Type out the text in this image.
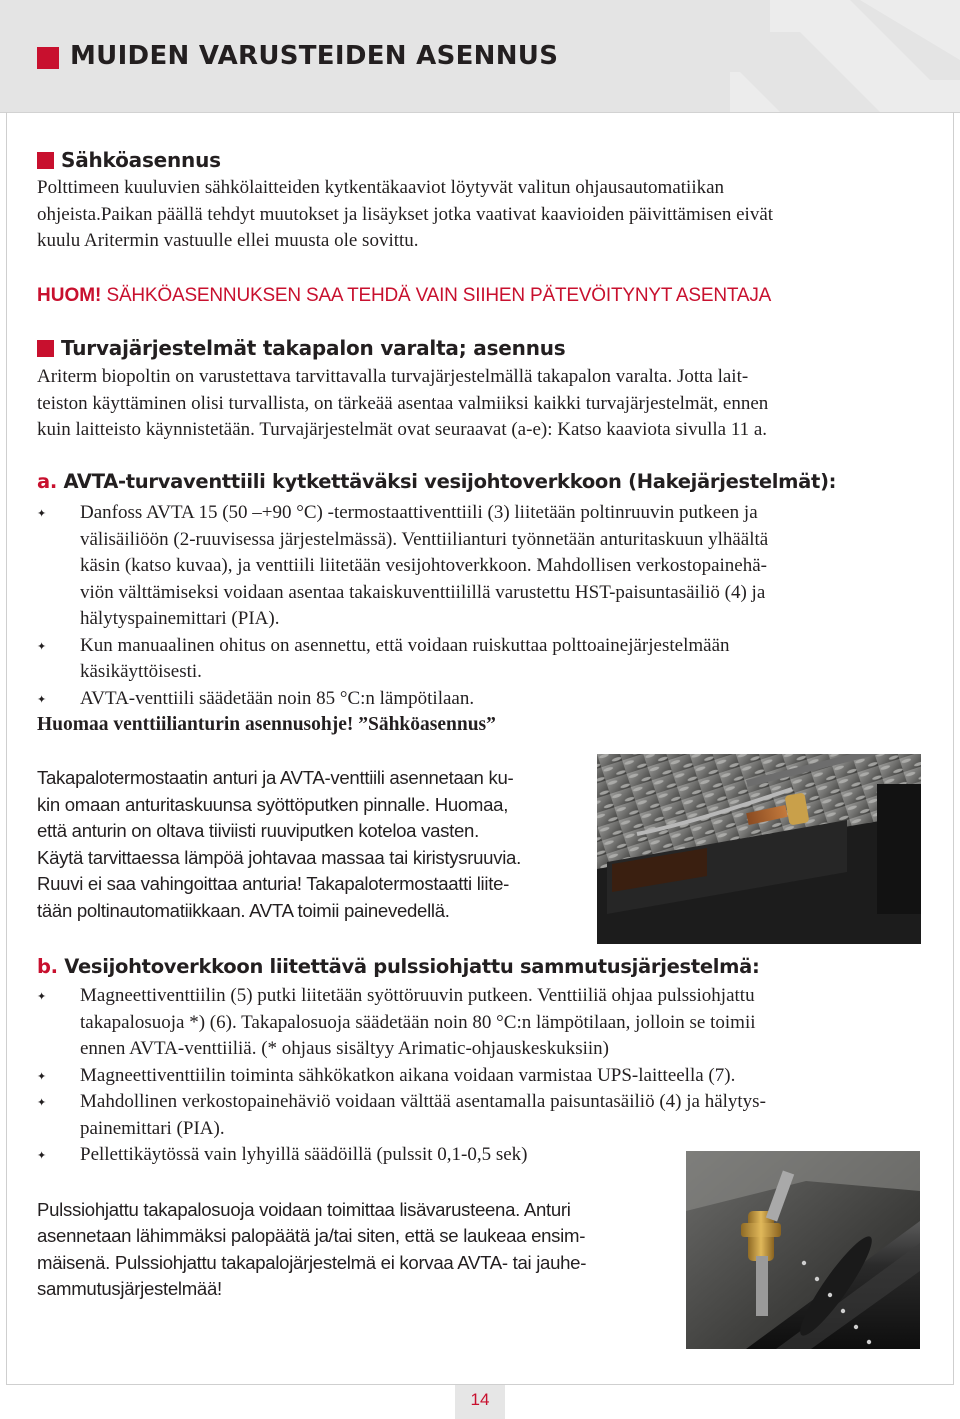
MUIDEN VARUSTEIDEN ASENNUS
Sähköasennus
Polttimeen kuuluvien sähkölaitteiden kytkentäkaaviot löytyvät valitun ohjausautomatiikan
ohjeista.Paikan päällä tehdyt muutokset ja lisäykset jotka vaativat kaavioiden päivittämisen eivät
kuulu Aritermin vastuulle ellei muusta ole sovittu.
HUOM! SÄHKÖASENNUKSEN SAA TEHDÄ VAIN SIIHEN PÄTEVÖITYNYT ASENTAJA
Turvajärjestelmät takapalon varalta; asennus
Ariterm biopoltin on varustettava tarvittavalla turvajärjestelmällä takapalon varalta. Jotta lait-
teiston käyttäminen olisi turvallista, on tärkeää asentaa valmiiksi kaikki turvajärjestelmät, ennen
kuin laitteisto käynnistetään. Turvajärjestelmät ovat seuraavat (a-e): Katso kaaviota sivulla 11 a.
a. AVTA-turvaventtiili kytkettäväksi vesijohtoverkkoon (Hakejärjestelmät):
✦ Danfoss AVTA 15 (50 –+90 °C) -termostaattiventtiili (3) liitetään poltinruuvin putkeen ja
välisäiliöön (2-ruuvisessa järjestelmässä). Venttiilianturi työnnetään anturitaskuun ylhäältä
käsin (katso kuvaa), ja venttiili liitetään vesijohtoverkkoon. Mahdollisen verkostopainehä-
viön välttämiseksi voidaan asentaa takaiskuventtiilillä varustettu HST-paisuntasäiliö (4) ja
hälytyspainemittari (PIA).
✦ Kun manuaalinen ohitus on asennettu, että voidaan ruiskuttaa polttoainejärjestelmään
käsikäyttöisesti.
✦ AVTA-venttiili säädetään noin 85 °C:n lämpötilaan.
Huomaa venttiilianturin asennusohje! ”Sähköasennus”
Takapalotermostaatin anturi ja AVTA-venttiili asennetaan ku-
kin omaan anturitaskuunsa syöttöputken pinnalle. Huomaa,
että anturin on oltava tiiviisti ruuviputken koteloa vasten.
Käytä tarvittaessa lämpöä johtavaa massaa tai kiristysruuvia.
Ruuvi ei saa vahingoittaa anturia! Takapalotermostaatti liite-
tään poltinautomatiikkaan. AVTA toimii painevedellä.
b. Vesijohtoverkkoon liitettävä pulssiohjattu sammutusjärjestelmä:
✦ Magneettiventtiilin (5) putki liitetään syöttöruuvin putkeen. Venttiiliä ohjaa pulssiohjattu
takapalosuoja *) (6). Takapalosuoja säädetään noin 80 °C:n lämpötilaan, jolloin se toimii
ennen AVTA-venttiiliä. (* ohjaus sisältyy Arimatic-ohjauskeskuksiin)
✦ Magneettiventtiilin toiminta sähkökatkon aikana voidaan varmistaa UPS-laitteella (7).
✦ Mahdollinen verkostopainehäviö voidaan välttää asentamalla paisuntasäiliö (4) ja hälytys-
painemittari (PIA).
✦ Pellettikäytössä vain lyhyillä säädöillä (pulssit 0,1-0,5 sek)
Pulssiohjattu takapalosuoja voidaan toimittaa lisävarusteena. Anturi
asennetaan lähimmäksi palopäätä ja/tai siten, että se laukeaa ensim-
mäisenä. Pulssiohjattu takapalojärjestelmä ei korvaa AVTA- tai jauhe-
sammutusjärjestelmää!
14
